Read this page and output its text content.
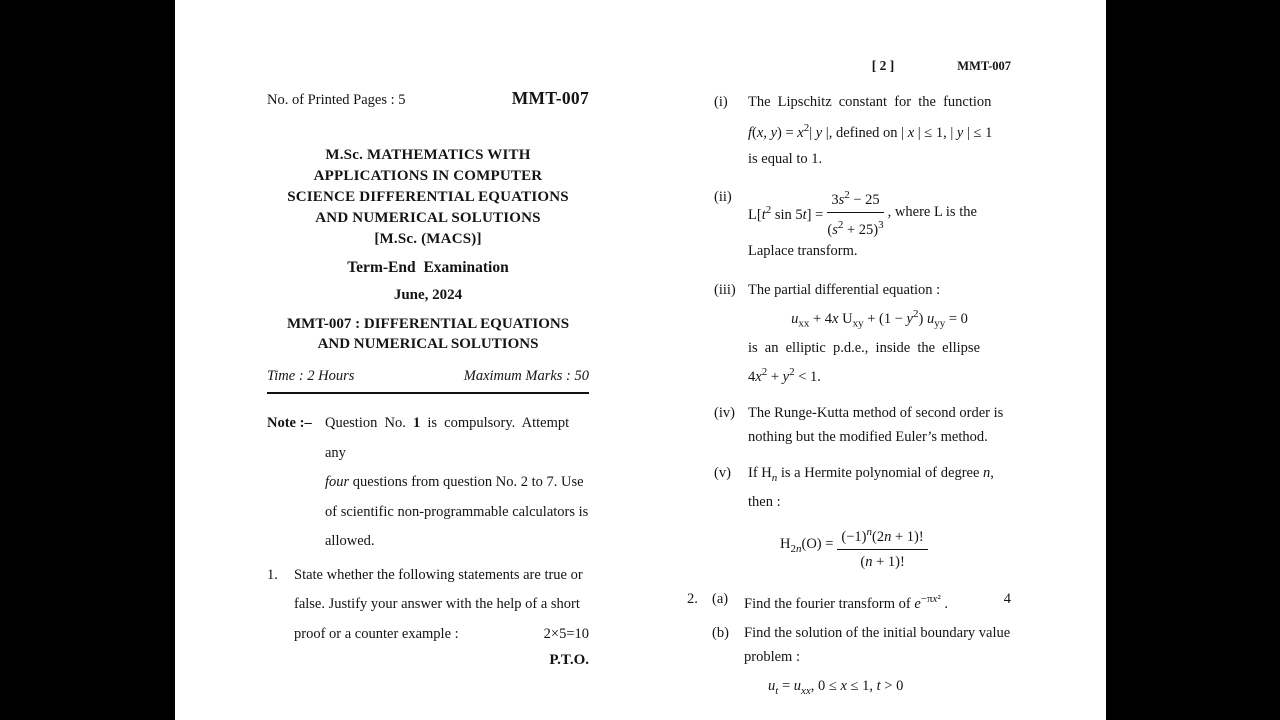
No. of Printed Pages : 5	MMT-007
M.Sc. MATHEMATICS WITH
APPLICATIONS IN COMPUTER
SCIENCE DIFFERENTIAL EQUATIONS
AND NUMERICAL SOLUTIONS
[M.Sc. (MACS)]
Term-End Examination
June, 2024
MMT-007 : DIFFERENTIAL EQUATIONS
AND NUMERICAL SOLUTIONS
Time : 2 Hours	Maximum Marks : 50
Note :– Question No. 1 is compulsory. Attempt any
four questions from question No. 2 to 7. Use
of scientific non-programmable calculators is
allowed.
1.	State whether the following statements are true or
false. Justify your answer with the help of a short
proof or a counter example :	2×5=10
P.T.O.
[ 2 ]	MMT-007
(i)	The Lipschitz constant for the function
f(x, $y) = x^2|$ y |, defined on | x | ≤ 1, | y | ≤ 1
is equal to 1.
(ii)
$L[t^2$ $\sin 5t] = \frac{3s^2 - 25}{(s^2 + 25)^3}$ , where L is the
Laplace transform.
(iii) The partial differential equation :
$u_{xx} + 4x$ $U_{xy} + (1 - y^2) u_{yy} = 0$
is an elliptic p.d.e., inside the ellipse
$4x^2 + y^2 < 1$.
(iv) The Runge-Kutta method of second order is
nothing but the modified Euler’s method.
(v)	If $H_n$ is a Hermite polynomial of degree n,
then :
$H_{2n}(O) = \frac{(-1)^n(2n + 1)!}{(n + 1)!}$
2. (a)	Find the fourier transform of $e^{-\pi x^2}$ .	4
(b)	Find the solution of the initial boundary value
problem :
$u_t = u_{xx}$, 0 ≤ x ≤ 1, t > 0
